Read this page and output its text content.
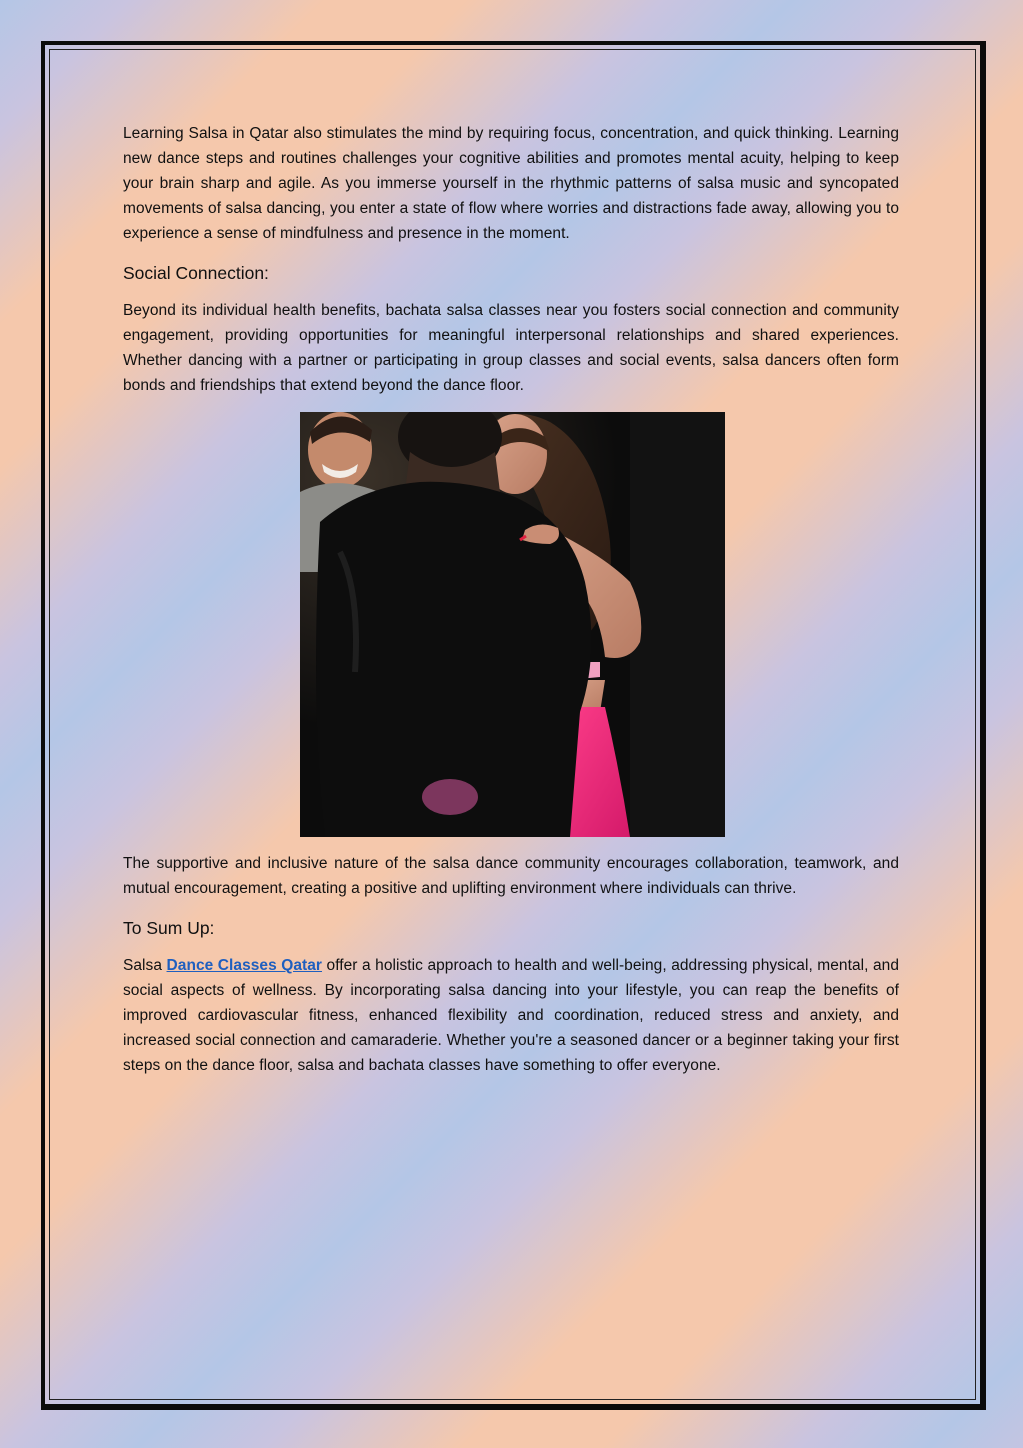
Learning Salsa in Qatar also stimulates the mind by requiring focus, concentration, and quick thinking. Learning new dance steps and routines challenges your cognitive abilities and promotes mental acuity, helping to keep your brain sharp and agile. As you immerse yourself in the rhythmic patterns of salsa music and syncopated movements of salsa dancing, you enter a state of flow where worries and distractions fade away, allowing you to experience a sense of mindfulness and presence in the moment.

Social Connection:

Beyond its individual health benefits, bachata salsa classes near you fosters social connection and community engagement, providing opportunities for meaningful interpersonal relationships and shared experiences. Whether dancing with a partner or participating in group classes and social events, salsa dancers often form bonds and friendships that extend beyond the dance floor.

The supportive and inclusive nature of the salsa dance community encourages collaboration, teamwork, and mutual encouragement, creating a positive and uplifting environment where individuals can thrive.

To Sum Up:

Salsa Dance Classes Qatar offer a holistic approach to health and well-being, addressing physical, mental, and social aspects of wellness. By incorporating salsa dancing into your lifestyle, you can reap the benefits of improved cardiovascular fitness, enhanced flexibility and coordination, reduced stress and anxiety, and increased social connection and camaraderie. Whether you're a seasoned dancer or a beginner taking your first steps on the dance floor, salsa and bachata classes have something to offer everyone.
